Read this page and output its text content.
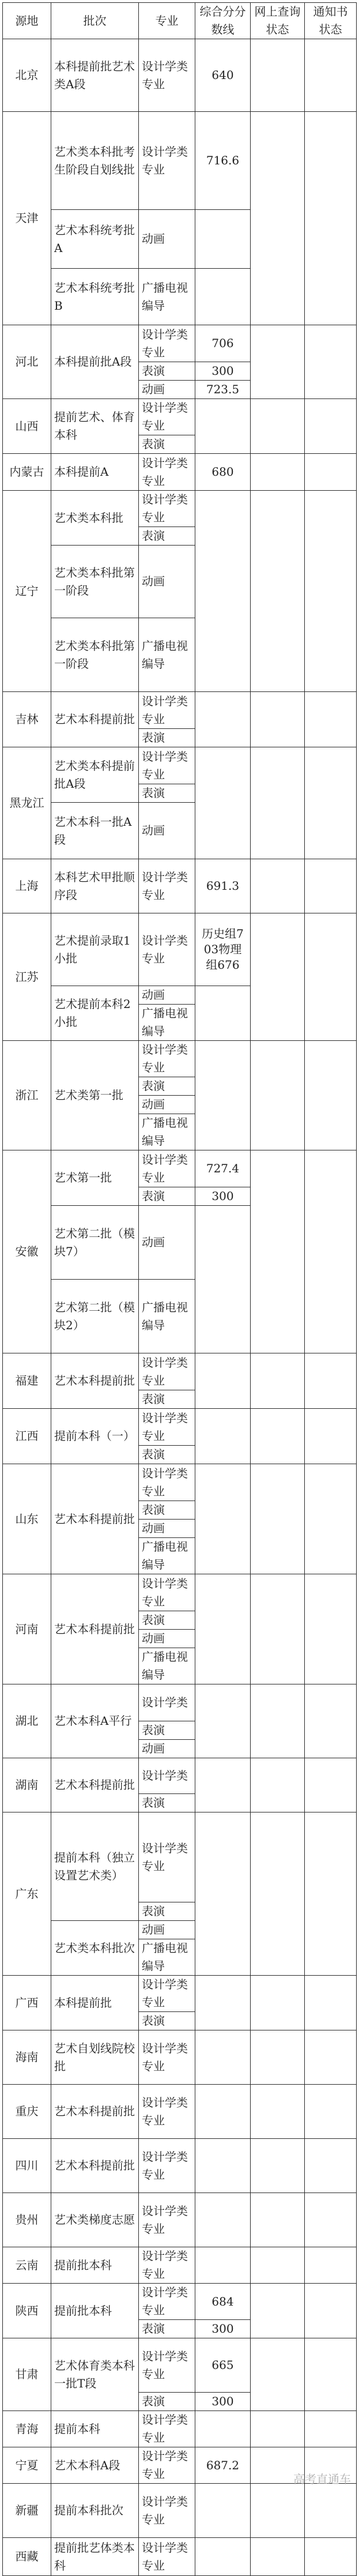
源地	批次	专业	综合分分数线	网上查询状态	通知书状态
北京	本科提前批艺术类A段	设计学类专业	640		
天津	艺术类本科批考生阶段自划线批	设计学类专业	716.6		
	艺术本科统考批A	动画			
	艺术本科统考批B	广播电视编导			
河北	本科提前批A段	设计学类专业	706		
		表演	300		
		动画	723.5		
山西	提前艺术、体育本科	设计学类专业			
		表演			
内蒙古	本科提前A	设计学类专业	680		
辽宁	艺术类本科批	设计学类专业			
		表演			
	艺术类本科批第一阶段	动画			
	艺术类本科批第一阶段	广播电视编导			
吉林	艺术本科提前批	设计学类专业			
		表演			
黑龙江	艺术类本科提前批A段	设计学类专业			
		表演			
	艺术本科一批A段	动画			
上海	本科艺术甲批顺序段	设计学类专业	691.3		
江苏	艺术提前录取1小批	设计学类专业	历史组703物理组676		
	艺术提前本科2小批	动画			
		广播电视编导			
浙江	艺术类第一批	设计学类专业			
		表演			
		动画			
		广播电视编导			
安徽	艺术第一批	设计学类专业	727.4		
		表演	300		
	艺术第二批（模块7）	动画			
	艺术第二批（模块2）	广播电视编导			
福建	艺术本科提前批	设计学类专业			
		表演			
江西	提前本科（一）	设计学类专业			
		表演			
山东	艺术本科提前批	设计学类专业			
		表演			
		动画			
		广播电视编导			
河南	艺术本科提前批	设计学类专业			
		表演			
		动画			
		广播电视编导			
湖北	艺术本科A平行	设计学类			
		表演			
		动画			
湖南	艺术本科提前批	设计学类			
		表演			
广东	提前本科（独立设置艺术类）	设计学类专业			
		表演			
	艺术类本科批次	动画			
		广播电视编导			
广西	本科提前批	设计学类专业			
		表演			
海南	艺术自划线院校批	设计学类专业			
重庆	艺术本科提前批	设计学类专业			
四川	艺术本科提前批	设计学类专业			
贵州	艺术类梯度志愿	设计学类专业			
云南	提前批本科	设计学类专业			
陕西	提前批本科	设计学类专业	684		
		表演	300		
甘肃	艺术体育类本科一批T段	设计学类专业	665		
		表演	300		
青海	提前本科	设计学类专业			
宁夏	艺术本科A段	设计学类专业	687.2		
新疆	提前本科批次	设计学类专业			
西藏	提前批艺体类本科	设计学类专业			
高考直通车
